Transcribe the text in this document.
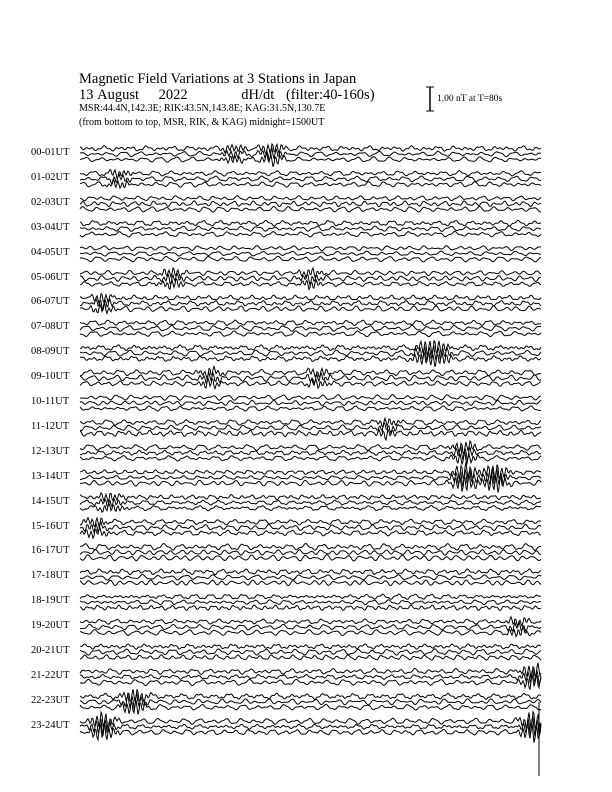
Magnetic Field Variations at 3 Stations in Japan
13 August 2022	dH/dt (filter:40-160s)
MSR:44.4N,142.3E; RIK:43.5N,143.8E; KAG:31.5N,130.7E
(from bottom to top, MSR, RIK, & KAG) midnight=1500UT
1.00 nT at T=80s
00-01UT
01-02UT
02-03UT
03-04UT
04-05UT
05-06UT
06-07UT
07-08UT
08-09UT
09-10UT
10-11UT
11-12UT
12-13UT
13-14UT
14-15UT
15-16UT
16-17UT
17-18UT
18-19UT
19-20UT
20-21UT
21-22UT
22-23UT
23-24UT
